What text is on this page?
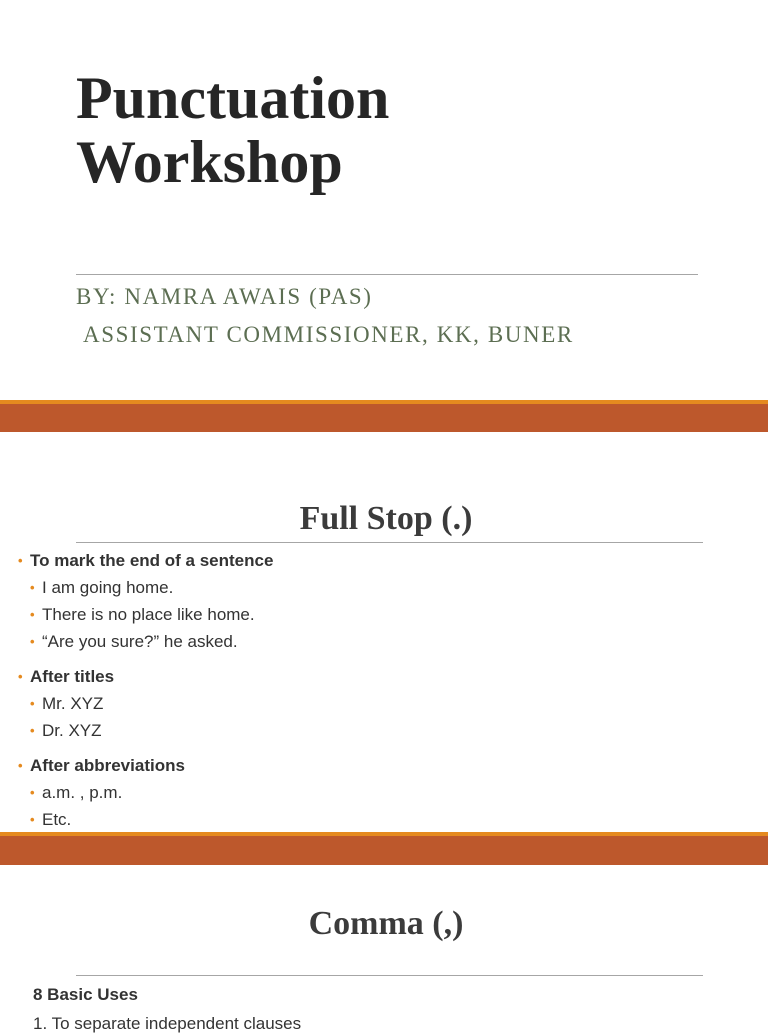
Punctuation
Workshop

BY: NAMRA AWAIS (PAS)

ASSISTANT COMMISSIONER, KK, BUNER

Full Stop (.)
• To mark the end of a sentence
• I am going home.
• There is no place like home.
• “Are you sure?” he asked.
• After titles
• Mr. XYZ
• Dr. XYZ
• After abbreviations
• a.m. , p.m.
• Etc.
Comma (,)

8 Basic Uses

1. To separate independent clauses
